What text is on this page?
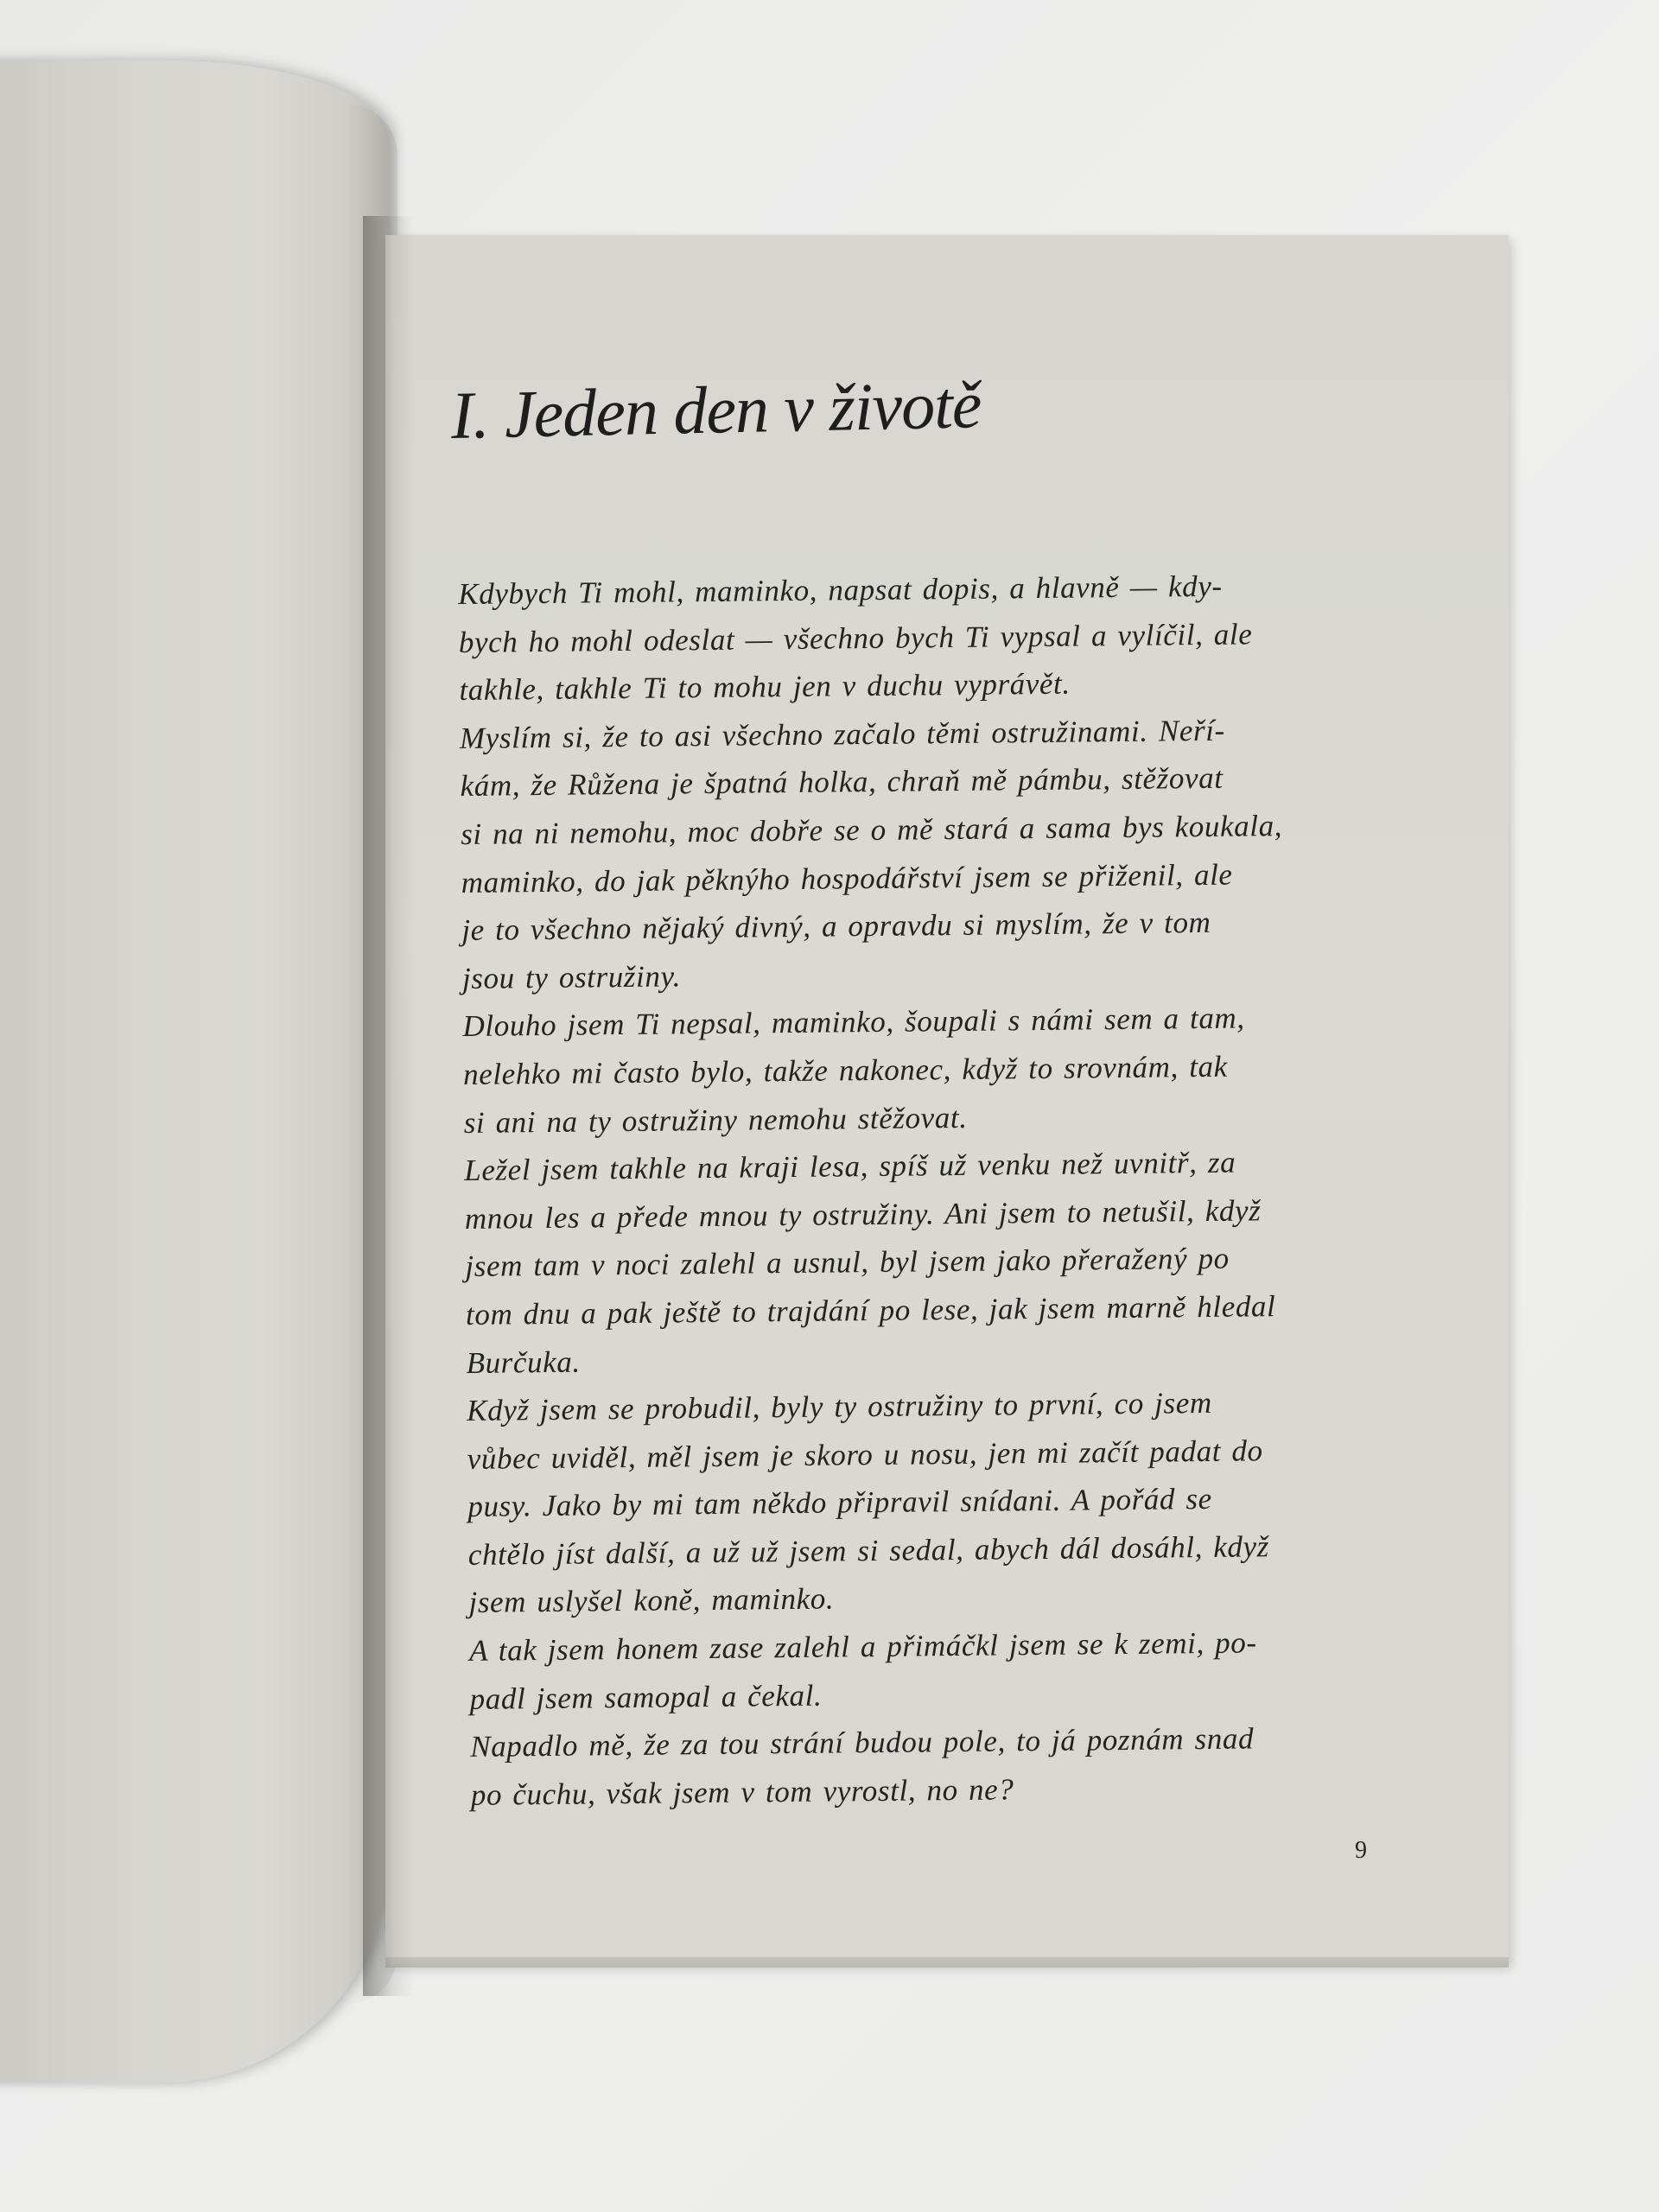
I. Jeden den v životě
Kdybych Ti mohl, maminko, napsat dopis, a hlavně — kdy-
bych ho mohl odeslat — všechno bych Ti vypsal a vylíčil, ale
takhle, takhle Ti to mohu jen v duchu vyprávět.
Myslím si, že to asi všechno začalo těmi ostružinami. Neří-
kám, že Růžena je špatná holka, chraň mě pámbu, stěžovat
si na ni nemohu, moc dobře se o mě stará a sama bys koukala,
maminko, do jak pěknýho hospodářství jsem se přiženil, ale
je to všechno nějaký divný, a opravdu si myslím, že v tom
jsou ty ostružiny.
Dlouho jsem Ti nepsal, maminko, šoupali s námi sem a tam,
nelehko mi často bylo, takže nakonec, když to srovnám, tak
si ani na ty ostružiny nemohu stěžovat.
Ležel jsem takhle na kraji lesa, spíš už venku než uvnitř, za
mnou les a přede mnou ty ostružiny. Ani jsem to netušil, když
jsem tam v noci zalehl a usnul, byl jsem jako přeražený po
tom dnu a pak ještě to trajdání po lese, jak jsem marně hledal
Burčuka.
Když jsem se probudil, byly ty ostružiny to první, co jsem
vůbec uviděl, měl jsem je skoro u nosu, jen mi začít padat do
pusy. Jako by mi tam někdo připravil snídani. A pořád se
chtělo jíst další, a už už jsem si sedal, abych dál dosáhl, když
jsem uslyšel koně, maminko.
A tak jsem honem zase zalehl a přimáčkl jsem se k zemi, po-
padl jsem samopal a čekal.
Napadlo mě, že za tou strání budou pole, to já poznám snad
po čuchu, však jsem v tom vyrostl, no ne?
9
